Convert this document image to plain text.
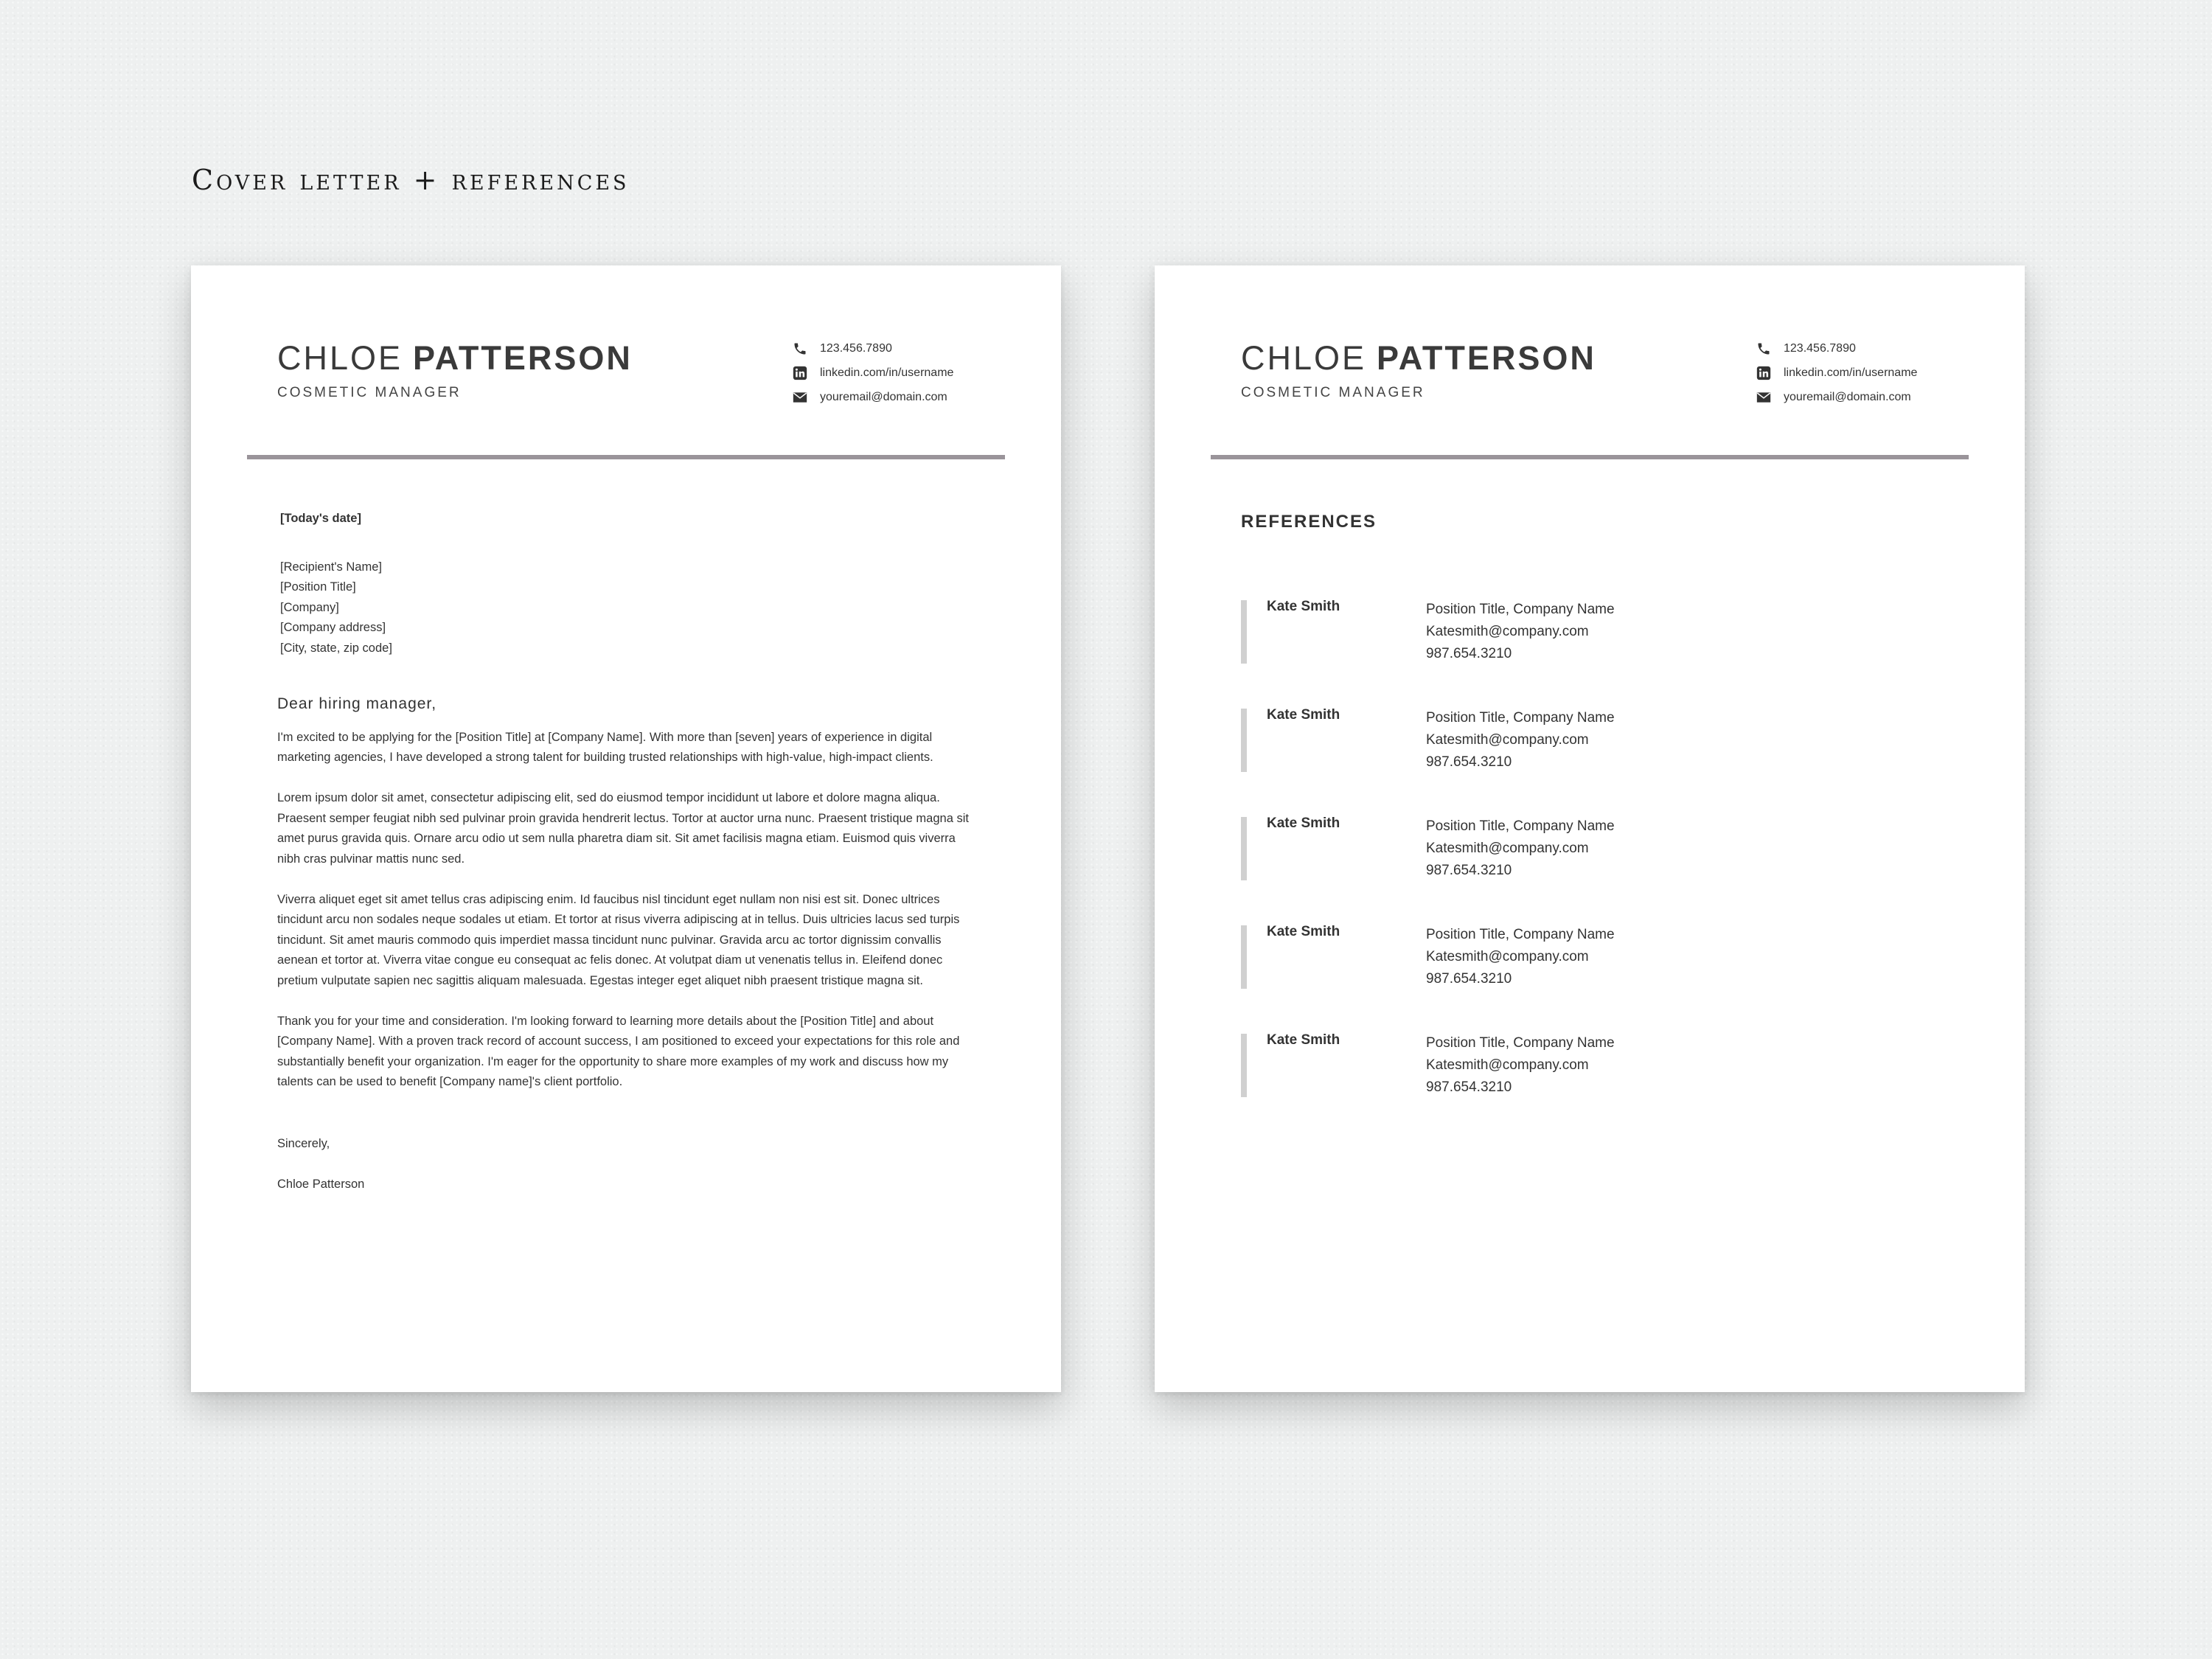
Cover letter + references
CHLOE PATTERSON
COSMETIC MANAGER
123.456.7890
linkedin.com/in/username
youremail@domain.com
[Today's date]
[Recipient's Name]
[Position Title]
[Company]
[Company address]
[City, state, zip code]
Dear hiring manager,
I'm excited to be applying for the [Position Title] at [Company Name]. With more than [seven] years of experience in digital marketing agencies, I have developed a strong talent for building trusted relationships with high-value, high-impact clients.
Lorem ipsum dolor sit amet, consectetur adipiscing elit, sed do eiusmod tempor incididunt ut labore et dolore magna aliqua. Praesent semper feugiat nibh sed pulvinar proin gravida hendrerit lectus. Tortor at auctor urna nunc. Praesent tristique magna sit amet purus gravida quis. Ornare arcu odio ut sem nulla pharetra diam sit. Sit amet facilisis magna etiam. Euismod quis viverra nibh cras pulvinar mattis nunc sed.
Viverra aliquet eget sit amet tellus cras adipiscing enim. Id faucibus nisl tincidunt eget nullam non nisi est sit. Donec ultrices tincidunt arcu non sodales neque sodales ut etiam. Et tortor at risus viverra adipiscing at in tellus. Duis ultricies lacus sed turpis tincidunt. Sit amet mauris commodo quis imperdiet massa tincidunt nunc pulvinar. Gravida arcu ac tortor dignissim convallis aenean et tortor at. Viverra vitae congue eu consequat ac felis donec. At volutpat diam ut venenatis tellus in. Eleifend donec pretium vulputate sapien nec sagittis aliquam malesuada. Egestas integer eget aliquet nibh praesent tristique magna sit.
Thank you for your time and consideration. I'm looking forward to learning more details about the [Position Title] and about [Company Name]. With a proven track record of account success, I am positioned to exceed your expectations for this role and substantially benefit your organization. I'm eager for the opportunity to share more examples of my work and discuss how my talents can be used to benefit [Company name]'s client portfolio.
Sincerely,
Chloe Patterson
CHLOE PATTERSON
COSMETIC MANAGER
123.456.7890
linkedin.com/in/username
youremail@domain.com
REFERENCES
Kate Smith	Position Title, Company Name
Katesmith@company.com
987.654.3210
Kate Smith	Position Title, Company Name
Katesmith@company.com
987.654.3210
Kate Smith	Position Title, Company Name
Katesmith@company.com
987.654.3210
Kate Smith	Position Title, Company Name
Katesmith@company.com
987.654.3210
Kate Smith	Position Title, Company Name
Katesmith@company.com
987.654.3210
